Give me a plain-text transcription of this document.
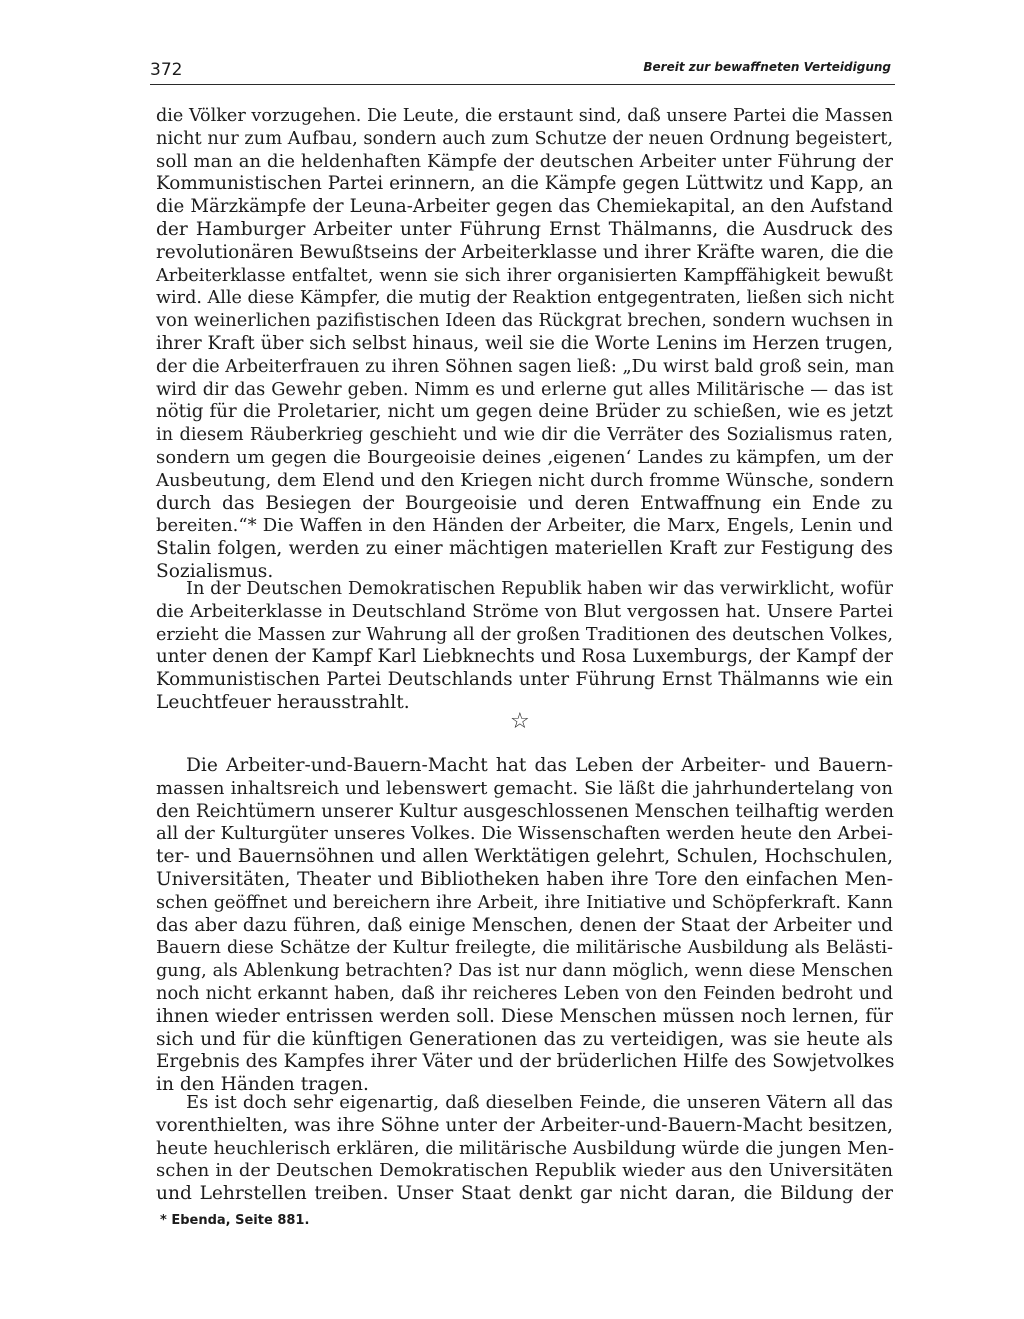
372	Bereit zur bewaffneten Verteidigung
die Völker vorzugehen. Die Leute, die erstaunt sind, daß unsere Partei die Massen
nicht nur zum Aufbau, sondern auch zum Schutze der neuen Ordnung begeistert,
soll man an die heldenhaften Kämpfe der deutschen Arbeiter unter Führung der
Kommunistischen Partei erinnern, an die Kämpfe gegen Lüttwitz und Kapp, an
die Märzkämpfe der Leuna-Arbeiter gegen das Chemiekapital, an den Aufstand
der Hamburger Arbeiter unter Führung Ernst Thälmanns, die Ausdruck des
revolutionären Bewußtseins der Arbeiterklasse und ihrer Kräfte waren, die die
Arbeiterklasse entfaltet, wenn sie sich ihrer organisierten Kampffähigkeit bewußt
wird. Alle diese Kämpfer, die mutig der Reaktion entgegentraten, ließen sich nicht
von weinerlichen pazifistischen Ideen das Rückgrat brechen, sondern wuchsen in
ihrer Kraft über sich selbst hinaus, weil sie die Worte Lenins im Herzen trugen,
der die Arbeiterfrauen zu ihren Söhnen sagen ließ: „Du wirst bald groß sein, man
wird dir das Gewehr geben. Nimm es und erlerne gut alles Militärische — das ist
nötig für die Proletarier, nicht um gegen deine Brüder zu schießen, wie es jetzt
in diesem Räuberkrieg geschieht und wie dir die Verräter des Sozialismus raten,
sondern um gegen die Bourgeoisie deines ‚eigenen‘ Landes zu kämpfen, um der
Ausbeutung, dem Elend und den Kriegen nicht durch fromme Wünsche, sondern
durch das Besiegen der Bourgeoisie und deren Entwaffnung ein Ende zu
bereiten.“* Die Waffen in den Händen der Arbeiter, die Marx, Engels, Lenin und
Stalin folgen, werden zu einer mächtigen materiellen Kraft zur Festigung des
Sozialismus.
In der Deutschen Demokratischen Republik haben wir das verwirklicht, wofür
die Arbeiterklasse in Deutschland Ströme von Blut vergossen hat. Unsere Partei
erzieht die Massen zur Wahrung all der großen Traditionen des deutschen Volkes,
unter denen der Kampf Karl Liebknechts und Rosa Luxemburgs, der Kampf der
Kommunistischen Partei Deutschlands unter Führung Ernst Thälmanns wie ein
Leuchtfeuer herausstrahlt.
☆
Die Arbeiter-und-Bauern-Macht hat das Leben der Arbeiter- und Bauern-
massen inhaltsreich und lebenswert gemacht. Sie läßt die jahrhundertelang von
den Reichtümern unserer Kultur ausgeschlossenen Menschen teilhaftig werden
all der Kulturgüter unseres Volkes. Die Wissenschaften werden heute den Arbei-
ter- und Bauernsöhnen und allen Werktätigen gelehrt, Schulen, Hochschulen,
Universitäten, Theater und Bibliotheken haben ihre Tore den einfachen Men-
schen geöffnet und bereichern ihre Arbeit, ihre Initiative und Schöpferkraft. Kann
das aber dazu führen, daß einige Menschen, denen der Staat der Arbeiter und
Bauern diese Schätze der Kultur freilegte, die militärische Ausbildung als Belästi-
gung, als Ablenkung betrachten? Das ist nur dann möglich, wenn diese Menschen
noch nicht erkannt haben, daß ihr reicheres Leben von den Feinden bedroht und
ihnen wieder entrissen werden soll. Diese Menschen müssen noch lernen, für
sich und für die künftigen Generationen das zu verteidigen, was sie heute als
Ergebnis des Kampfes ihrer Väter und der brüderlichen Hilfe des Sowjetvolkes
in den Händen tragen.
Es ist doch sehr eigenartig, daß dieselben Feinde, die unseren Vätern all das
vorenthielten, was ihre Söhne unter der Arbeiter-und-Bauern-Macht besitzen,
heute heuchlerisch erklären, die militärische Ausbildung würde die jungen Men-
schen in der Deutschen Demokratischen Republik wieder aus den Universitäten
und Lehrstellen treiben. Unser Staat denkt gar nicht daran, die Bildung der
* Ebenda, Seite 881.
